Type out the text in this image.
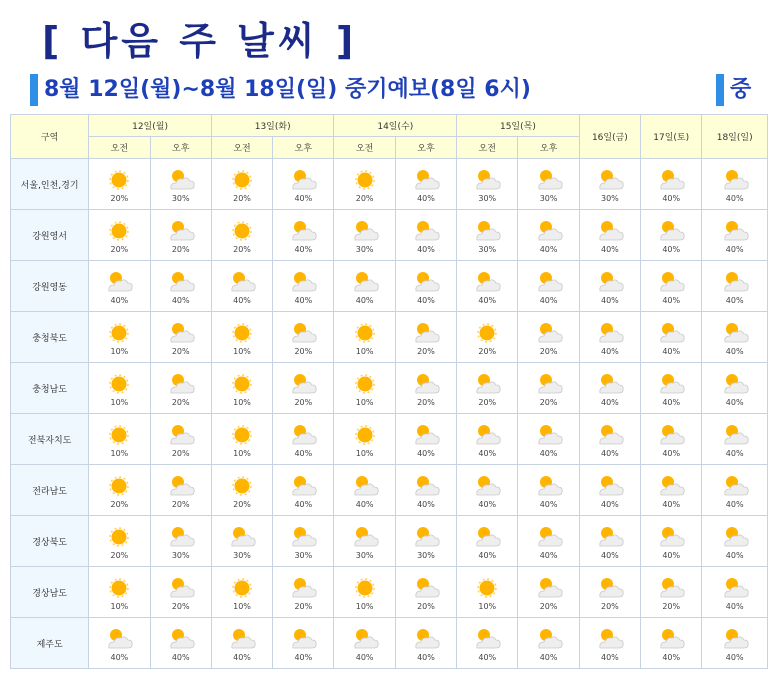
[ 다음 주 날씨 ]
8월 12일(월)~8월 18일(일) 중기예보(8일 6시)	중
구역	12일(월)		13일(화)		14일(수)		15일(목)		16일(금)	17일(토)	18일(일)
	오전	오후	오전	오후	오전	오후	오전	오후			
서울,인천,경기	20%	30%	20%	40%	20%	40%	30%	30%	30%	40%	40%

강원영서	20%	20%	20%	40%	30%	40%	30%	40%	40%	40%	40%

강원영동	40%	40%	40%	40%	40%	40%	40%	40%	40%	40%	40%

충청북도	10%	20%	10%	20%	10%	20%	20%	20%	40%	40%	40%

충청남도	10%	20%	10%	20%	10%	20%	20%	20%	40%	40%	40%

전북자치도	10%	20%	10%	40%	10%	40%	40%	40%	40%	40%	40%

전라남도	20%	20%	20%	40%	40%	40%	40%	40%	40%	40%	40%

경상북도	20%	30%	30%	30%	30%	30%	40%	40%	40%	40%	40%

경상남도	10%	20%	10%	20%	10%	20%	10%	20%	20%	20%	40%

제주도	40%	40%	40%	40%	40%	40%	40%	40%	40%	40%	40%
